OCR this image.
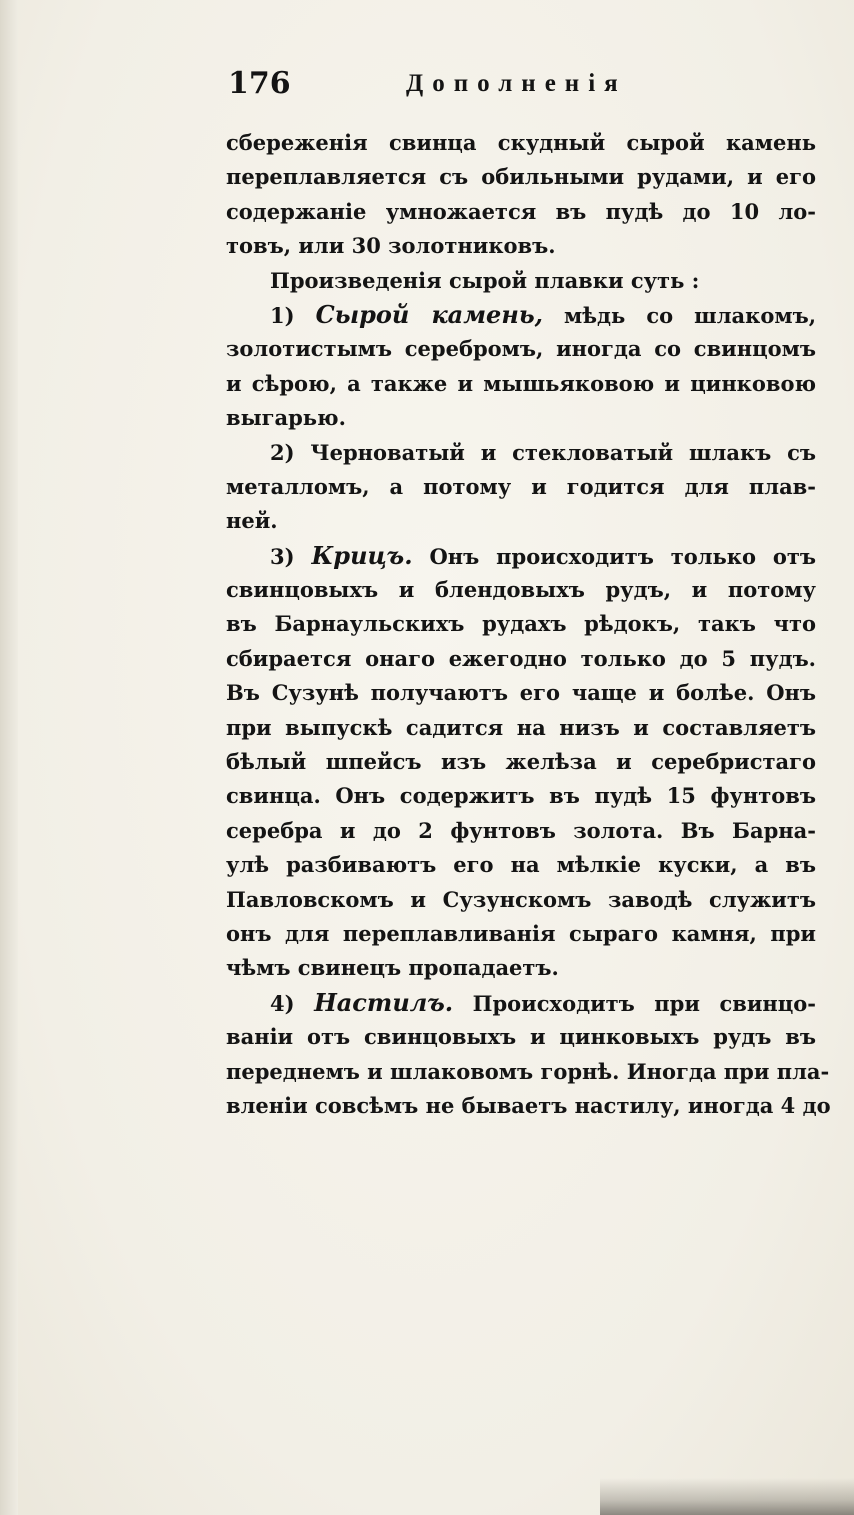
176	Дополненія
сбереженія свинца скудный сырой камень
переплавляется съ обильными рудами, и его
содержаніе умножается въ пудѣ до 10 ло-
товъ, или 30 золотниковъ.
Произведенія сырой плавки суть :
1) Сырой камень, мѣдь со шлакомъ,
золотистымъ серебромъ, иногда со свинцомъ
и сѣрою, а также и мышьяковою и цинковою
выгарью.
2) Черноватый и стекловатый шлакъ съ
металломъ, а потому и годится для плав-
ней.
3) Крицъ. Онъ происходитъ только отъ
свинцовыхъ и блендовыхъ рудъ, и потому
въ Барнаульскихъ рудахъ рѣдокъ, такъ что
сбирается онаго ежегодно только до 5 пудъ.
Въ Сузунѣ получаютъ его чаще и болѣе. Онъ
при выпускѣ садится на низъ и составляетъ
бѣлый шпейсъ изъ желѣза и серебристаго
свинца. Онъ содержитъ въ пудѣ 15 фунтовъ
серебра и до 2 фунтовъ золота. Въ Барна-
улѣ разбиваютъ его на мѣлкіе куски, а въ
Павловскомъ и Сузунскомъ заводѣ служитъ
онъ для переплавливанія сыраго камня, при
чѣмъ свинецъ пропадаетъ.
4) Настилъ. Происходитъ при свинцо-
ваніи отъ свинцовыхъ и цинковыхъ рудъ въ
переднемъ и шлаковомъ горнѣ. Иногда при пла-
вленіи совсѣмъ не бываетъ настилу, иногда 4 до
